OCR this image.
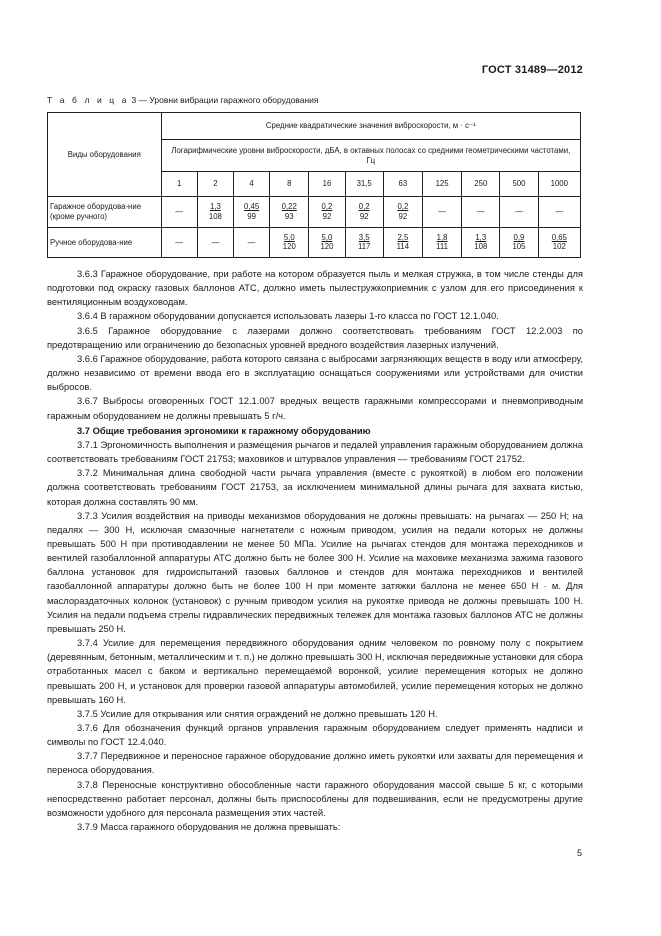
ГОСТ 31489—2012
Т а б л и ц а 3 — Уровни вибрации гаражного оборудования
Виды оборудования	Средние квадратические значения виброскорости, м · с⁻¹										
	Логарифмические уровни виброскорости, дБА, в октавных полосах со средними геометрическими частотами, Гц										
	1	2	4	8	16	31,5	63	125	250	500	1000
Гаражное оборудова-ние (кроме ручного)	—	$\frac{1,3}{108}$	$\frac{0,45}{99}$	$\frac{0,22}{93}$	$\frac{0,2}{92}$	$\frac{0,2}{92}$	$\frac{0,2}{92}$	—	—	—	—
Ручное оборудова-ние	—	—	—	$\frac{5,0}{120}$	$\frac{5,0}{120}$	$\frac{3,5}{117}$	$\frac{2,5}{114}$	$\frac{1,8}{111}$	$\frac{1,3}{108}$	$\frac{0,9}{105}$	$\frac{0,65}{102}$

3.6.3 Гаражное оборудование, при работе на котором образуется пыль и мелкая стружка, в том числе стенды для подготовки под окраску газовых баллонов АТС, должно иметь пылестружкоприемник с узлом для его присоединения к вентиляционным воздуховодам.

3.6.4 В гаражном оборудовании допускается использовать лазеры 1-го класса по ГОСТ 12.1.040.

3.6.5 Гаражное оборудование с лазерами должно соответствовать требованиям ГОСТ 12.2.003 по предотвращению или ограничению до безопасных уровней вредного воздействия лазерных излучений.

3.6.6 Гаражное оборудование, работа которого связана с выбросами загрязняющих веществ в воду или атмосферу, должно независимо от времени ввода его в эксплуатацию оснащаться сооружениями или устройствами для очистки выбросов.

3.6.7 Выбросы оговоренных ГОСТ 12.1.007 вредных веществ гаражными компрессорами и пневмоприводным гаражным оборудованием не должны превышать 5 г/ч.

3.7 Общие требования эргономики к гаражному оборудованию

3.7.1 Эргономичность выполнения и размещения рычагов и педалей управления гаражным оборудованием должна соответствовать требованиям ГОСТ 21753; маховиков и штурвалов управления — требованиям ГОСТ 21752.

3.7.2 Минимальная длина свободной части рычага управления (вместе с рукояткой) в любом его положении должна соответствовать требованиям ГОСТ 21753, за исключением минимальной длины рычага для захвата кистью, которая должна составлять 90 мм.

3.7.3 Усилия воздействия на приводы механизмов оборудования не должны превышать: на рычагах — 250 Н; на педалях — 300 Н, исключая смазочные нагнетатели с ножным приводом, усилия на педали которых не должны превышать 500 Н при противодавлении не менее 50 МПа. Усилие на рычагах стендов для монтажа переходников и вентилей газобаллонной аппаратуры АТС должно быть не более 300 Н. Усилие на маховике механизма зажима газового баллона установок для гидроиспытаний газовых баллонов и стендов для монтажа переходников и вентилей газобаллонной аппаратуры должно быть не более 100 Н при моменте затяжки баллона не менее 650 Н · м. Для маслораздаточных колонок (установок) с ручным приводом усилия на рукоятке привода не должны превышать 100 Н. Усилия на педали подъема стрелы гидравлических передвижных тележек для монтажа газовых баллонов АТС не должны превышать 250 Н.

3.7.4 Усилие для перемещения передвижного оборудования одним человеком по ровному полу с покрытием (деревянным, бетонным, металлическим и т. п.) не должно превышать 300 Н, исключая передвижные установки для сбора отработанных масел с баком и вертикально перемещаемой воронкой, усилие перемещения которых не должно превышать 200 Н, и установок для проверки газовой аппаратуры автомобилей, усилие перемещения которых не должно превышать 160 Н.

3.7.5 Усилие для открывания или снятия ограждений не должно превышать 120 Н.

3.7.6 Для обозначения функций органов управления гаражным оборудованием следует применять надписи и символы по ГОСТ 12.4.040.

3.7.7 Передвижное и переносное гаражное оборудование должно иметь рукоятки или захваты для перемещения и переноса оборудования.

3.7.8 Переносные конструктивно обособленные части гаражного оборудования массой свыше 5 кг, с которыми непосредственно работает персонал, должны быть приспособлены для подвешивания, если не предусмотрены другие возможности удобного для персонала размещения этих частей.

3.7.9 Масса гаражного оборудования не должна превышать:

5
